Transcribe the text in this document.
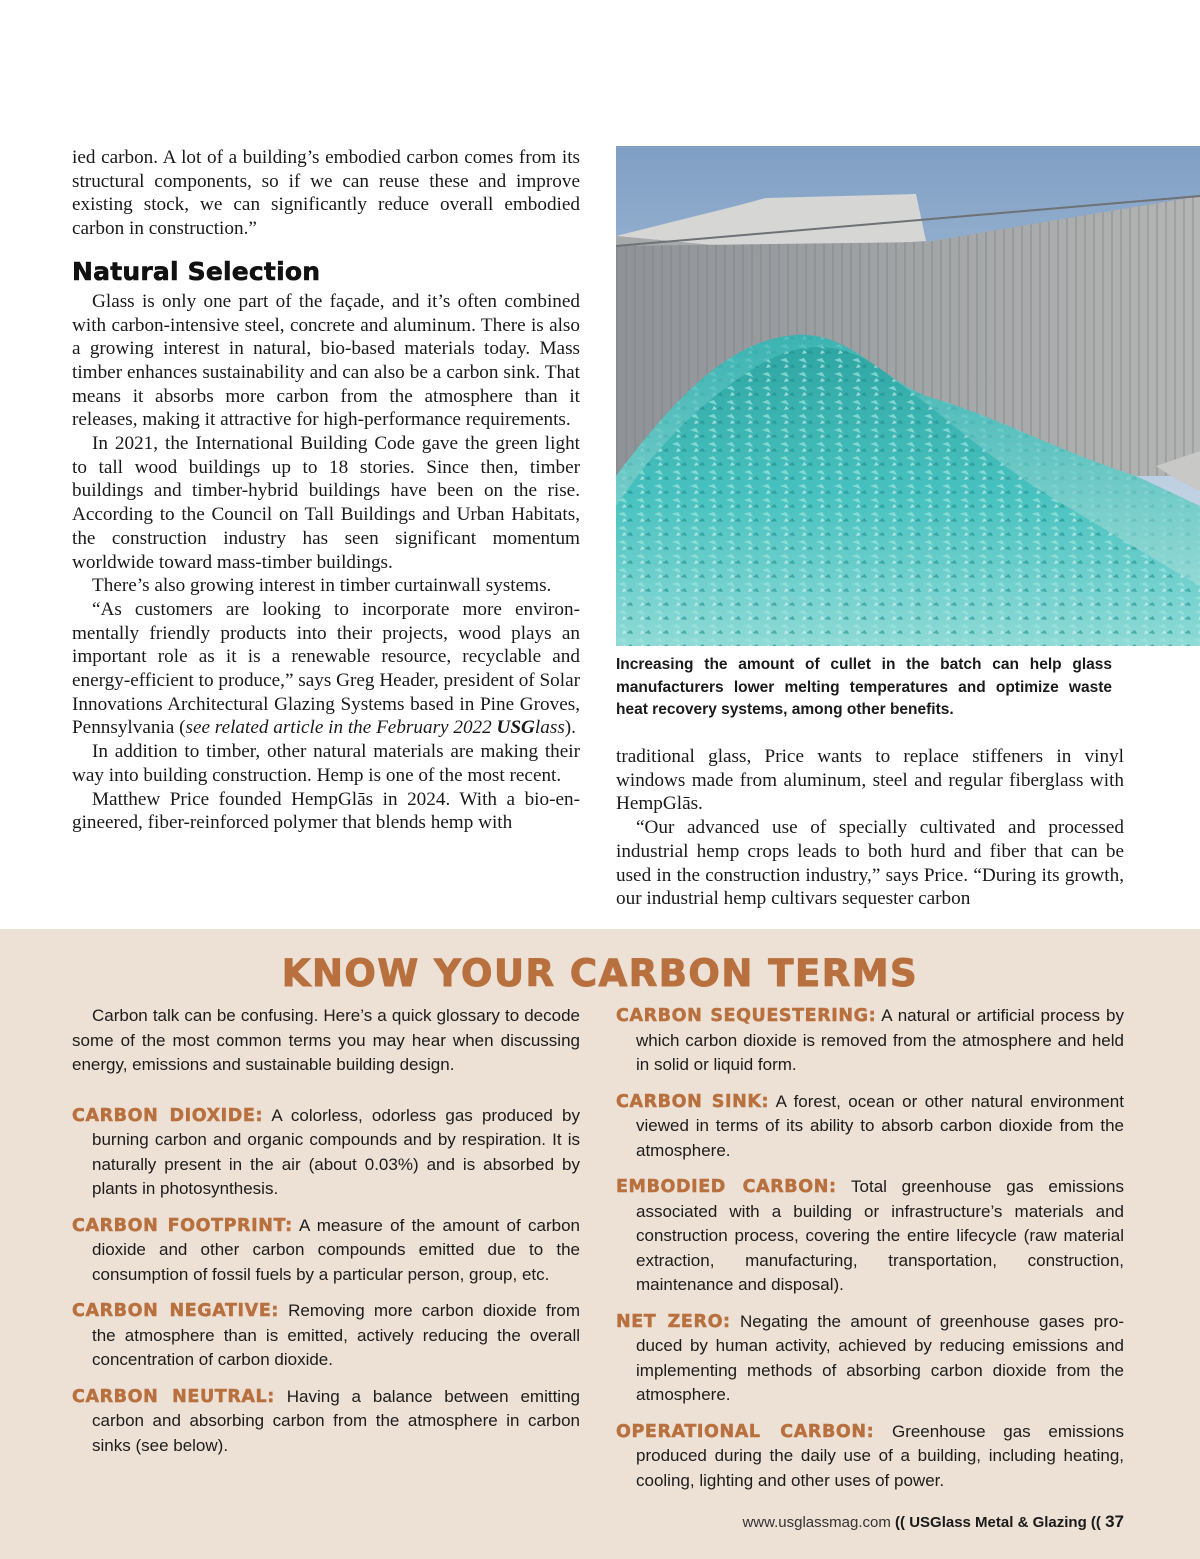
ied carbon. A lot of a building’s embodied carbon comes from its structural components, so if we can reuse these and improve existing stock, we can significantly reduce overall embodied carbon in construction.”

Natural Selection

Glass is only one part of the façade, and it’s often combined with carbon-intensive steel, concrete and aluminum. There is also a growing interest in natural, bio-based materials today. Mass timber enhances sustainability and can also be a carbon sink. That means it absorbs more carbon from the atmosphere than it releases, making it attractive for high-performance requirements.

In 2021, the International Building Code gave the green light to tall wood buildings up to 18 stories. Since then, timber buildings and timber-hybrid buildings have been on the rise. According to the Council on Tall Buildings and Urban Habitats, the construction industry has seen significant momentum worldwide toward mass-timber buildings.

There’s also growing interest in timber curtainwall systems.

“As customers are looking to incorporate more environmentally friendly products into their projects, wood plays an important role as it is a renewable resource, recyclable and energy-efficient to produce,” says Greg Header, president of Solar Innovations Architectural Glazing Systems based in Pine Groves, Pennsylvania (see related article in the February 2022 USGlass).

In addition to timber, other natural materials are making their way into building construction. Hemp is one of the most recent.

Matthew Price founded HempGlās in 2024. With a bio-engineered, fiber-reinforced polymer that blends hemp with

Increasing the amount of cullet in the batch can help glass manufacturers lower melting temperatures and optimize waste heat recovery systems, among other benefits.

traditional glass, Price wants to replace stiffeners in vinyl windows made from aluminum, steel and regular fiberglass with HempGlās.

“Our advanced use of specially cultivated and processed industrial hemp crops leads to both hurd and fiber that can be used in the construction industry,” says Price. “During its growth, our industrial hemp cultivars sequester carbon

KNOW YOUR CARBON TERMS

Carbon talk can be confusing. Here’s a quick glossary to decode some of the most common terms you may hear when discussing energy, emissions and sustainable building design.

CARBON DIOXIDE: A colorless, odorless gas produced by burning carbon and organic compounds and by respiration. It is naturally present in the air (about 0.03%) and is absorbed by plants in photosynthesis.

CARBON FOOTPRINT: A measure of the amount of carbon dioxide and other carbon compounds emitted due to the consumption of fossil fuels by a particular person, group, etc.

CARBON NEGATIVE: Removing more carbon dioxide from the atmosphere than is emitted, actively reducing the overall concentration of carbon dioxide.

CARBON NEUTRAL: Having a balance between emitting carbon and absorbing carbon from the atmosphere in carbon sinks (see below).

CARBON SEQUESTERING: A natural or artificial process by which carbon dioxide is removed from the atmosphere and held in solid or liquid form.

CARBON SINK: A forest, ocean or other natural environment viewed in terms of its ability to absorb carbon dioxide from the atmosphere.

EMBODIED CARBON: Total greenhouse gas emissions associated with a building or infrastructure’s materials and construction process, covering the entire lifecycle (raw material extraction, manufacturing, transportation, construction, maintenance and disposal).

NET ZERO: Negating the amount of greenhouse gases produced by human activity, achieved by reducing emissions and implementing methods of absorbing carbon dioxide from the atmosphere.

OPERATIONAL CARBON: Greenhouse gas emissions produced during the daily use of a building, including heating, cooling, lighting and other uses of power.

www.usglassmag.com (( USGlass Metal & Glazing (( 37
